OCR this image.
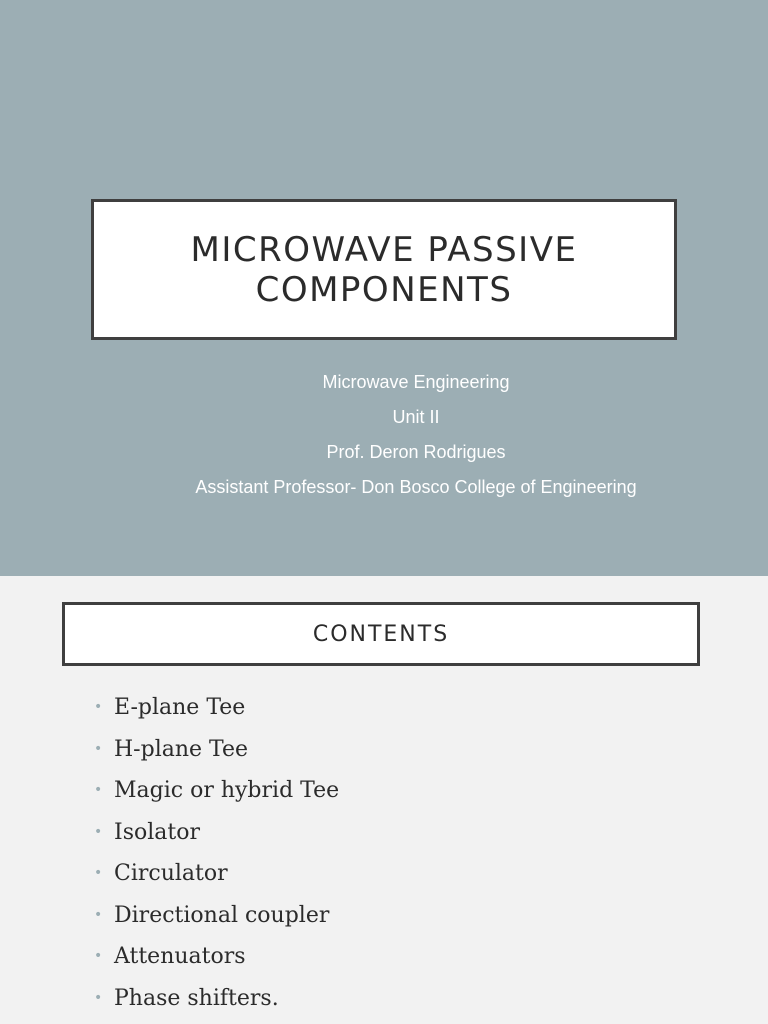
MICROWAVE PASSIVE
COMPONENTS
Microwave Engineering
Unit II
Prof. Deron Rodrigues
Assistant Professor- Don Bosco College of Engineering
CONTENTS
• E-plane Tee
• H-plane Tee
• Magic or hybrid Tee
• Isolator
• Circulator
• Directional coupler
• Attenuators
• Phase shifters.
